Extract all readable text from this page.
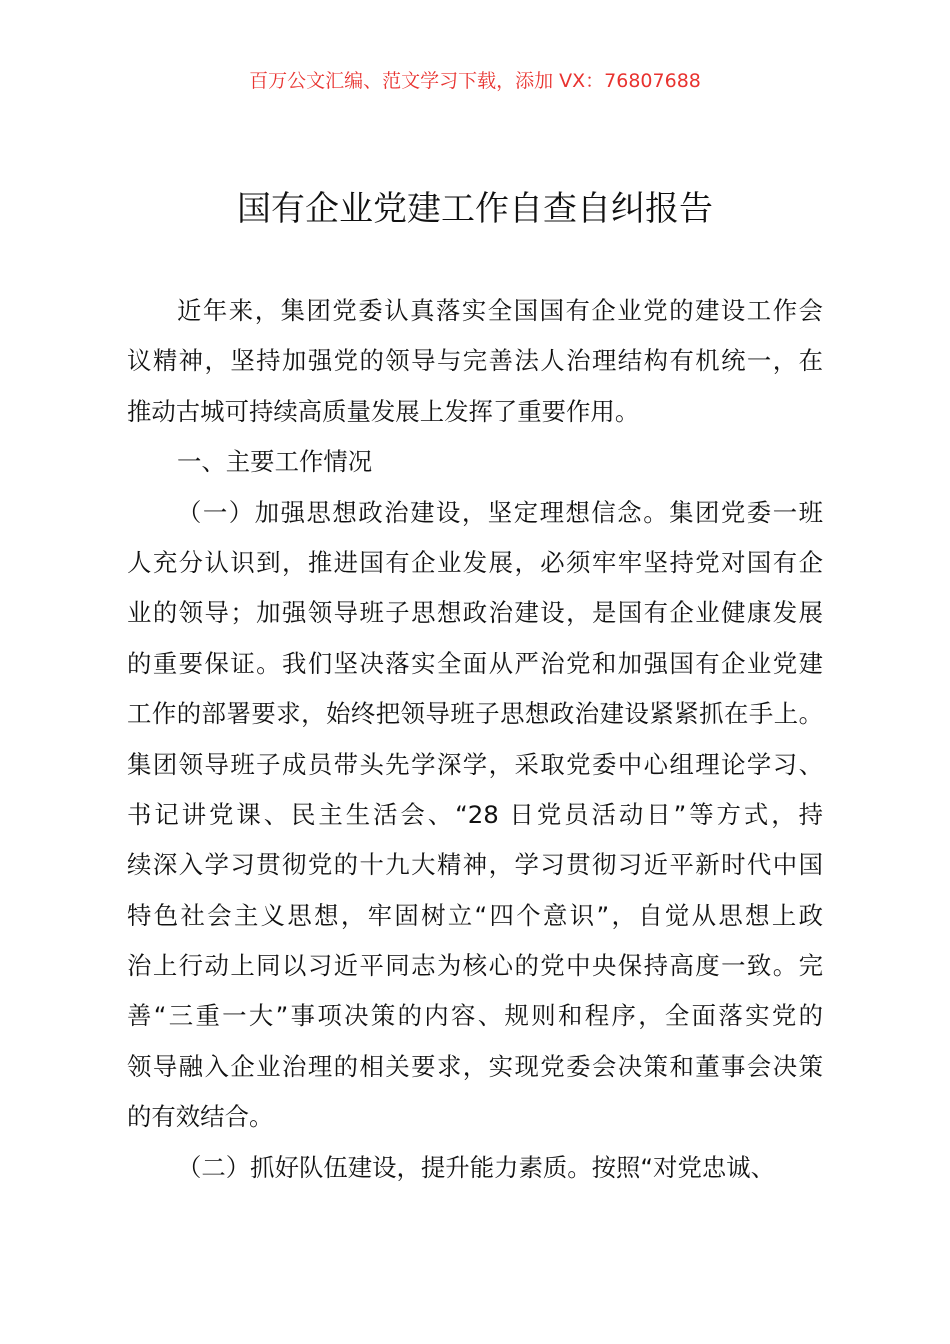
百万公文汇编、范文学习下载，添加 VX：76807688
国有企业党建工作自查自纠报告
近年来，集团党委认真落实全国国有企业党的建设工作会
议精神，坚持加强党的领导与完善法人治理结构有机统一，在
推动古城可持续高质量发展上发挥了重要作用。
一、主要工作情况
（一）加强思想政治建设，坚定理想信念。集团党委一班
人充分认识到，推进国有企业发展，必须牢牢坚持党对国有企
业的领导；加强领导班子思想政治建设，是国有企业健康发展
的重要保证。我们坚决落实全面从严治党和加强国有企业党建
工作的部署要求，始终把领导班子思想政治建设紧紧抓在手上。
集团领导班子成员带头先学深学，采取党委中心组理论学习、
书记讲党课、民主生活会、“28 日党员活动日”等方式，持
续深入学习贯彻党的十九大精神，学习贯彻习近平新时代中国
特色社会主义思想，牢固树立“四个意识”，自觉从思想上政
治上行动上同以习近平同志为核心的党中央保持高度一致。完
善“三重一大”事项决策的内容、规则和程序，全面落实党的
领导融入企业治理的相关要求，实现党委会决策和董事会决策
的有效结合。
（二）抓好队伍建设，提升能力素质。按照“对党忠诚、
